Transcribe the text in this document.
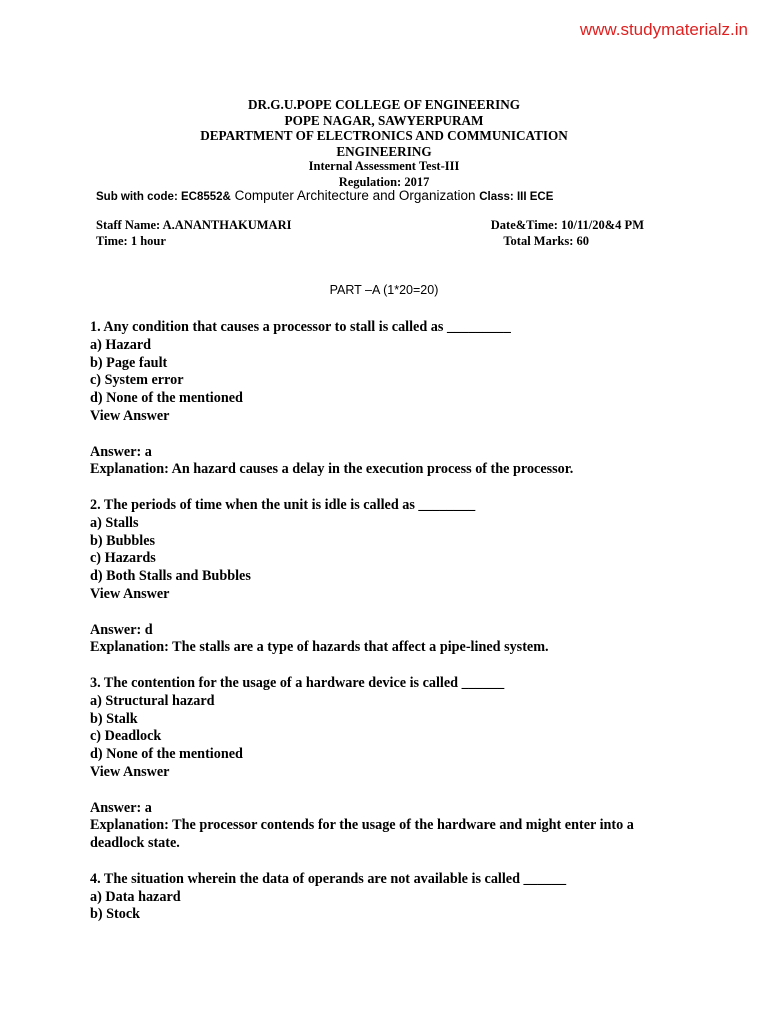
www.studymaterialz.in
DR.G.U.POPE COLLEGE OF ENGINEERING
POPE NAGAR, SAWYERPURAM
DEPARTMENT OF ELECTRONICS AND COMMUNICATION
ENGINEERING
Internal Assessment Test-III
Regulation: 2017
Sub with code: EC8552& Computer Architecture and Organization Class: III ECE
Staff Name: A.ANANTHAKUMARI	Date&Time: 10/11/20&4 PM
Time: 1 hour	Total Marks: 60
PART –A (1*20=20)

1. Any condition that causes a processor to stall is called as _________

a) Hazard

b) Page fault

c) System error

d) None of the mentioned

View Answer

Answer: a

Explanation: An hazard causes a delay in the execution process of the processor.

2. The periods of time when the unit is idle is called as ________

a) Stalls

b) Bubbles

c) Hazards

d) Both Stalls and Bubbles

View Answer

Answer: d

Explanation: The stalls are a type of hazards that affect a pipe-lined system.

3. The contention for the usage of a hardware device is called ______

a) Structural hazard

b) Stalk

c) Deadlock

d) None of the mentioned

View Answer

Answer: a

Explanation: The processor contends for the usage of the hardware and might enter into a

deadlock state.

4. The situation wherein the data of operands are not available is called ______

a) Data hazard

b) Stock
